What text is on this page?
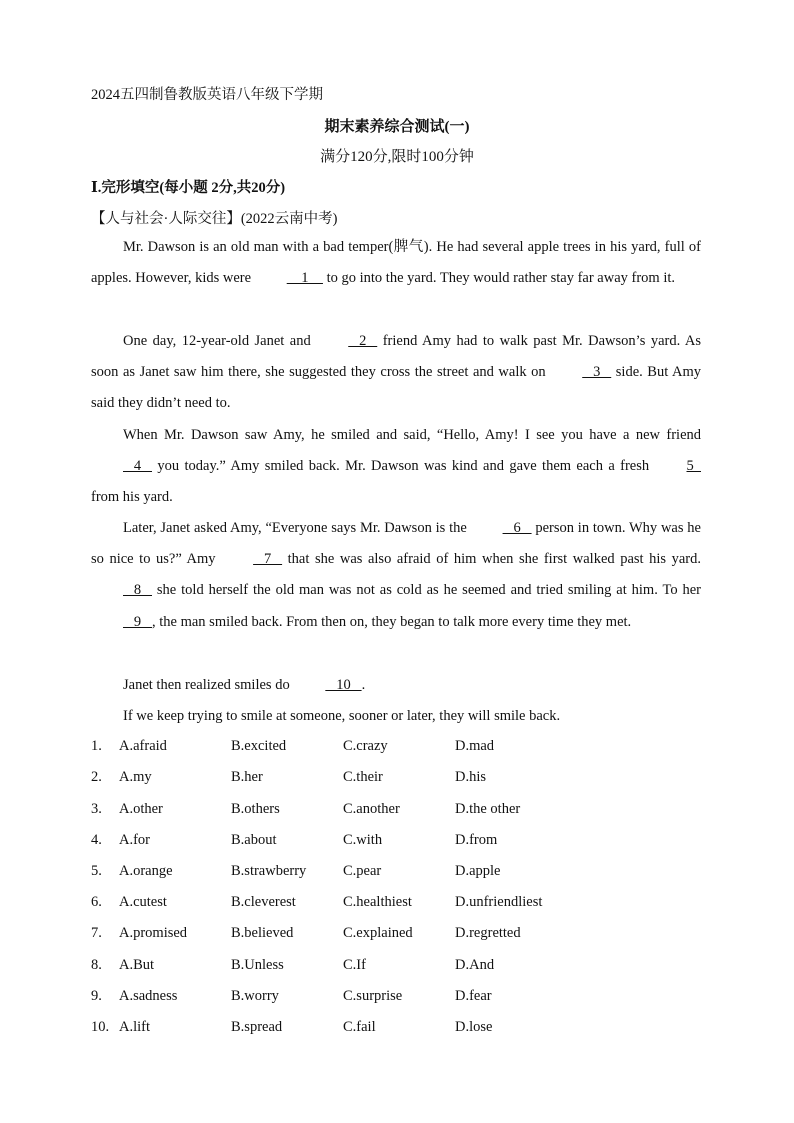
2024五四制鲁教版英语八年级下学期
期末素养综合测试(一)
满分120分,限时100分钟
Ⅰ.完形填空(每小题 2分,共20分)
【人与社会·人际交往】(2022云南中考)

Mr. Dawson is an old man with a bad temper(脾气). He had several apple trees in his yard, full of apples. However, kids were     1     to go into the yard. They would rather stay far away from it.

One day, 12-year-old Janet and    2    friend Amy had to walk past Mr. Dawson’s yard. As soon as Janet saw him there, she suggested they cross the street and walk on    3    side. But Amy said they didn’t need to.

When Mr. Dawson saw Amy, he smiled and said, “Hello, Amy! I see you have a new friend    4    you today.” Amy smiled back. Mr. Dawson was kind and gave them each a fresh 5   from his yard.

Later, Janet asked Amy, “Everyone says Mr. Dawson is the    6    person in town. Why was he so nice to us?” Amy    7    that she was also afraid of him when she first walked past his yard.    8    she told herself the old man was not as cold as he seemed and tried smiling at him. To her    9   , the man smiled back. From then on, they began to talk more every time they met.

Janet then realized smiles do    10   .

If we keep trying to smile at someone, sooner or later, they will smile back.

1. A.afraid	B.excited	C.crazy	D.mad
2. A.my	B.her	C.their	D.his
3. A.other	B.others	C.another	D.the other
4. A.for	B.about	C.with	D.from
5. A.orange	B.strawberry	C.pear	D.apple
6. A.cutest	B.cleverest	C.healthiest	D.unfriendliest
7. A.promised	B.believed	C.explained	D.regretted
8. A.But	B.Unless	C.If	D.And
9. A.sadness	B.worry	C.surprise	D.fear
10. A.lift	B.spread	C.fail	D.lose
